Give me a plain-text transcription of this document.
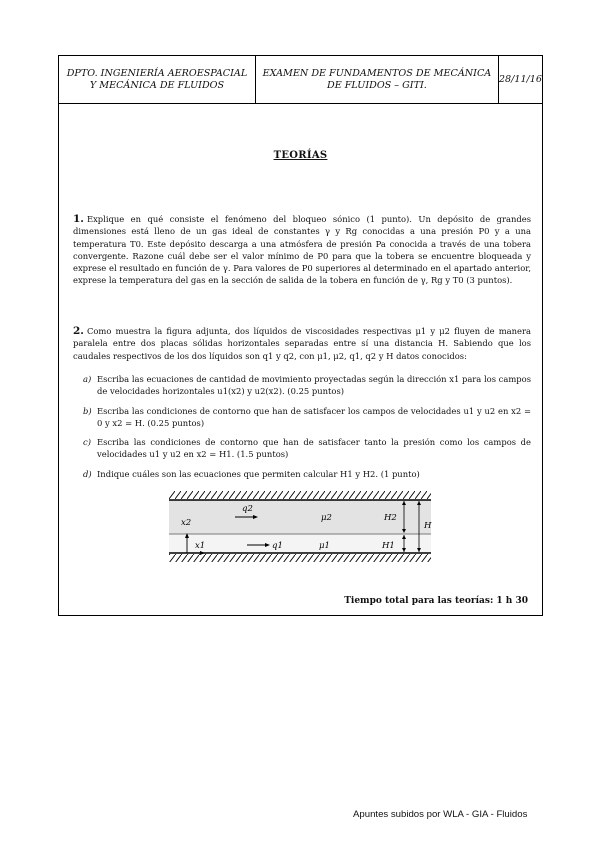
DPTO. INGENIERÍA AEROESPACIAL
Y MECÁNICA DE FLUIDOS
EXAMEN DE FUNDAMENTOS DE MECÁNICA
DE FLUIDOS – GITI.
28/11/16
TEORÍAS
1. Explique en qué consiste el fenómeno del bloqueo sónico (1 punto). Un depósito de grandes dimensiones está lleno de un gas ideal de constantes γ y Rg conocidas a una presión P0 y a una temperatura T0. Este depósito descarga a una atmósfera de presión Pa conocida a través de una tobera convergente. Razone cuál debe ser el valor mínimo de P0 para que la tobera se encuentre bloqueada y exprese el resultado en función de γ. Para valores de P0 superiores al determinado en el apartado anterior, exprese la temperatura del gas en la sección de salida de la tobera en función de γ, Rg y T0 (3 puntos).
2. Como muestra la figura adjunta, dos líquidos de viscosidades respectivas μ1 y μ2 fluyen de manera paralela entre dos placas sólidas horizontales separadas entre sí una distancia H. Sabiendo que los caudales respectivos de los dos líquidos son q1 y q2, con μ1, μ2, q1, q2 y H datos conocidos:
a) Escriba las ecuaciones de cantidad de movimiento proyectadas según la dirección x1 para los campos de velocidades horizontales u1(x2) y u2(x2). (0.25 puntos)
b) Escriba las condiciones de contorno que han de satisfacer los campos de velocidades u1 y u2 en x2 = 0 y x2 = H. (0.25 puntos)
c) Escriba las condiciones de contorno que han de satisfacer tanto la presión como los campos de velocidades u1 y u2 en x2 = H1. (1.5 puntos)
d) Indique cuáles son las ecuaciones que permiten calcular H1 y H2. (1 punto)
x2
x1
q2
q1
μ2
μ1
H2
H1
H
Tiempo total para las teorías: 1 h 30
Apuntes subidos por WLA - GIA - Fluidos
